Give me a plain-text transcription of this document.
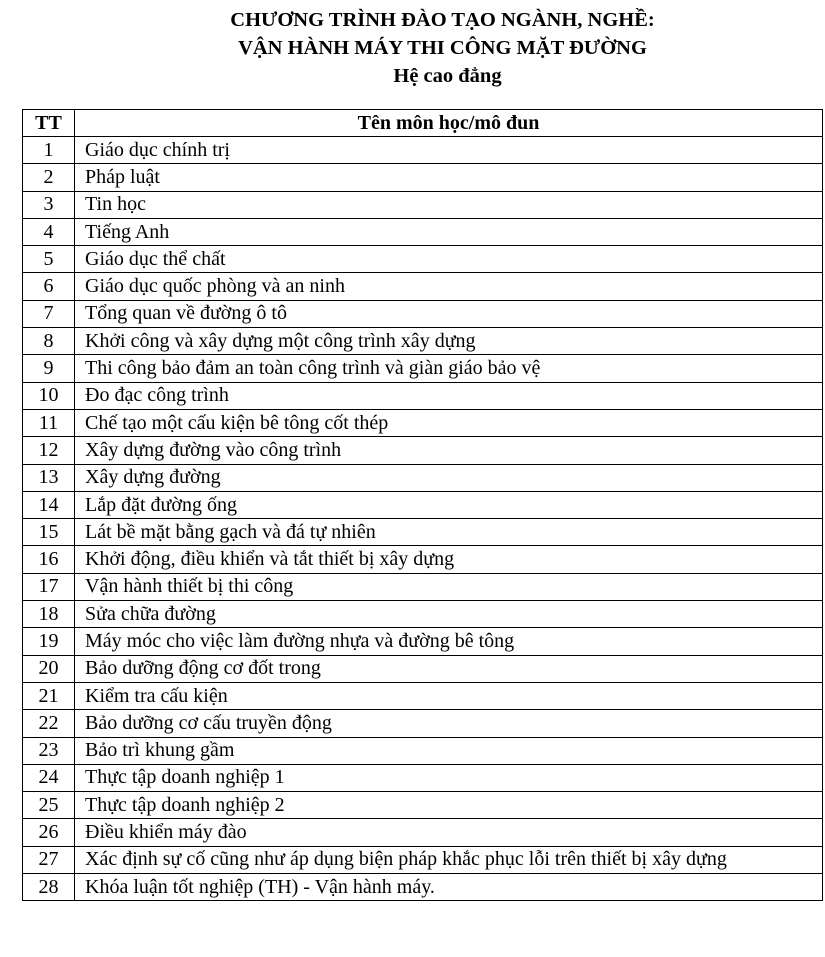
CHƯƠNG TRÌNH ĐÀO TẠO NGÀNH, NGHỀ:
VẬN HÀNH MÁY THI CÔNG MẶT ĐƯỜNG
Hệ cao đẳng
TT	Tên môn học/mô đun
1	Giáo dục chính trị
2	Pháp luật
3	Tin học
4	Tiếng Anh
5	Giáo dục thể chất
6	Giáo dục quốc phòng và an ninh
7	Tổng quan về đường ô tô
8	Khởi công và xây dựng một công trình xây dựng
9	Thi công bảo đảm an toàn công trình và giàn giáo bảo vệ
10	Đo đạc công trình
11	Chế tạo một cấu kiện bê tông cốt thép
12	Xây dựng đường vào công trình
13	Xây dựng đường
14	Lắp đặt đường ống
15	Lát bề mặt bằng gạch và đá tự nhiên
16	Khởi động, điều khiển và tắt thiết bị xây dựng
17	Vận hành thiết bị thi công
18	Sửa chữa đường
19	Máy móc cho việc làm đường nhựa và đường bê tông
20	Bảo dưỡng động cơ đốt trong
21	Kiểm tra cấu kiện
22	Bảo dưỡng cơ cấu truyền động
23	Bảo trì khung gầm
24	Thực tập doanh nghiệp 1
25	Thực tập doanh nghiệp 2
26	Điều khiển máy đào
27	Xác định sự cố cũng như áp dụng biện pháp khắc phục lỗi trên thiết bị xây dựng
28	Khóa luận tốt nghiệp (TH) - Vận hành máy.
